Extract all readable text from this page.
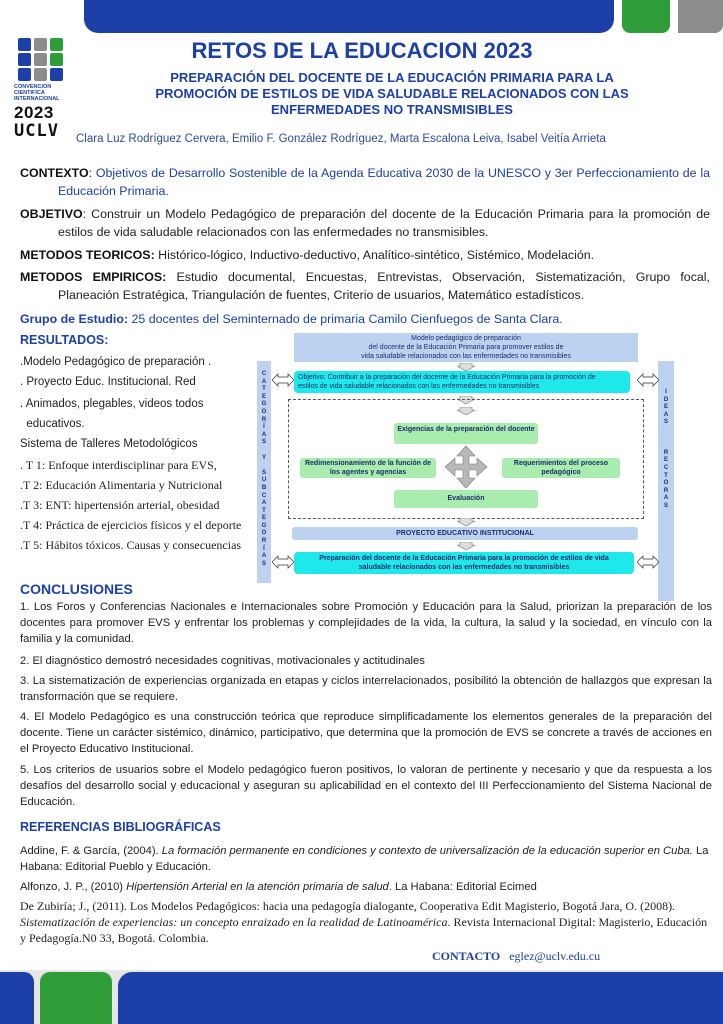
CONVENCION
CIENTIFICA
INTERNACIONAL
2023
UCLV
RETOS DE LA EDUCACION 2023
PREPARACIÓN DEL DOCENTE DE LA EDUCACIÓN PRIMARIA PARA LA
PROMOCIÓN DE ESTILOS DE VIDA SALUDABLE RELACIONADOS CON LAS
ENFERMEDADES NO TRANSMISIBLES
Clara Luz Rodríguez Cervera, Emilio F. González Rodríguez, Marta Escalona Leiva, Isabel Veitía Arrieta
CONTEXTO: Objetivos de Desarrollo Sostenible de la Agenda Educativa 2030 de la UNESCO y 3er Perfeccionamiento de la Educación Primaria.
OBJETIVO: Construir un Modelo Pedagógico de preparación del docente de la Educación Primaria para la promoción de estilos de vida saludable relacionados con las enfermedades no transmisibles.
METODOS TEORICOS: Histórico-lógico, Inductivo-deductivo, Analítico-sintético, Sistémico, Modelación.
METODOS EMPIRICOS: Estudio documental, Encuestas, Entrevistas, Observación, Sistematización, Grupo focal, Planeación Estratégica, Triangulación de fuentes, Criterio de usuarios, Matemático estadísticos.
Grupo de Estudio: 25 docentes del Seminternado de primaria Camilo Cienfuegos de Santa Clara.
RESULTADOS:
.Modelo Pedagógico de preparación .
. Proyecto Educ. Institucional. Red
. Animados, plegables, videos todos
educativos.
Sistema de Talleres Metodológicos
. T 1: Enfoque interdisciplinar para EVS,
.T 2: Educación Alimentaria y Nutricional
.T 3: ENT: hipertensión arterial, obesidad
.T 4: Práctica de ejercicios físicos y el deporte
.T 5: Hábitos tóxicos. Causas y consecuencias
Modelo pedagógico de preparación
del docente de la Educación Primaria para promover estilos de
vida saludable relacionados con las enfermedades no transmisibles
C
A
T
E
G
O
R
Í
A
S
Y
S
U
B
C
A
T
E
G
O
R
Í
A
S
I
D
E
A
S
R
E
C
T
O
R
A
S
Objetivo: Contribuir a la preparación del docente de la Educación Primaria para la promoción de
estilos de vida saludable relacionados con las enfermedades no transmisibles
Exigencias de la preparación del docente
Redimensionamiento de la función de los agentes y agencias
Requerimientos del proceso pedagógico
Evaluación
PROYECTO EDUCATIVO INSTITUCIONAL
Preparación del docente de la Educación Primaria para la promoción de estilos de vida
saludable relacionados con las enfermedades no transmisibles
CONCLUSIONES
1. Los Foros y Conferencias Nacionales e Internacionales sobre Promoción y Educación para la Salud, priorizan la preparación de los docentes para promover EVS y enfrentar los problemas y complejidades de la vida, la cultura, la salud y la sociedad, en vínculo con la familia y la comunidad.
2. El diagnóstico demostró necesidades cognitivas, motivacionales y actitudinales
3. La sistematización de experiencias organizada en etapas y ciclos interrelacionados, posibilitó la obtención de hallazgos que expresan la transformación que se requiere.
4. El Modelo Pedagógico es una construcción teórica que reproduce simplificadamente los elementos generales de la preparación del docente. Tiene un carácter sistémico, dinámico, participativo, que determina que la promoción de EVS se concrete a través de acciones en el Proyecto Educativo Institucional.
5. Los criterios de usuarios sobre el Modelo pedagógico fueron positivos, lo valoran de pertinente y necesario y que da respuesta a los desafíos del desarrollo social y educacional y aseguran su aplicabilidad en el contexto del III Perfeccionamiento del Sistema Nacional de Educación.
REFERENCIAS BIBLIOGRÁFICAS
Addine, F. & García, (2004). La formación permanente en condiciones y contexto de universalización de la educación superior en Cuba. La Habana: Editorial Pueblo y Educación.
Alfonzo, J. P., (2010) Hipertensión Arterial en la atención primaria de salud. La Habana: Editorial Ecimed
De Zubiría; J., (2011). Los Modelos Pedagógicos: hacia una pedagogía dialogante, Cooperativa Edit Magisterio, Bogotá Jara, O. (2008). Sistematización de experiencias: un concepto enraizado en la realidad de Latinoamérica. Revista Internacional Digital: Magisterio, Educación y Pedagogía.N0 33, Bogotá. Colombia.
CONTACTO eglez@uclv.edu.cu
